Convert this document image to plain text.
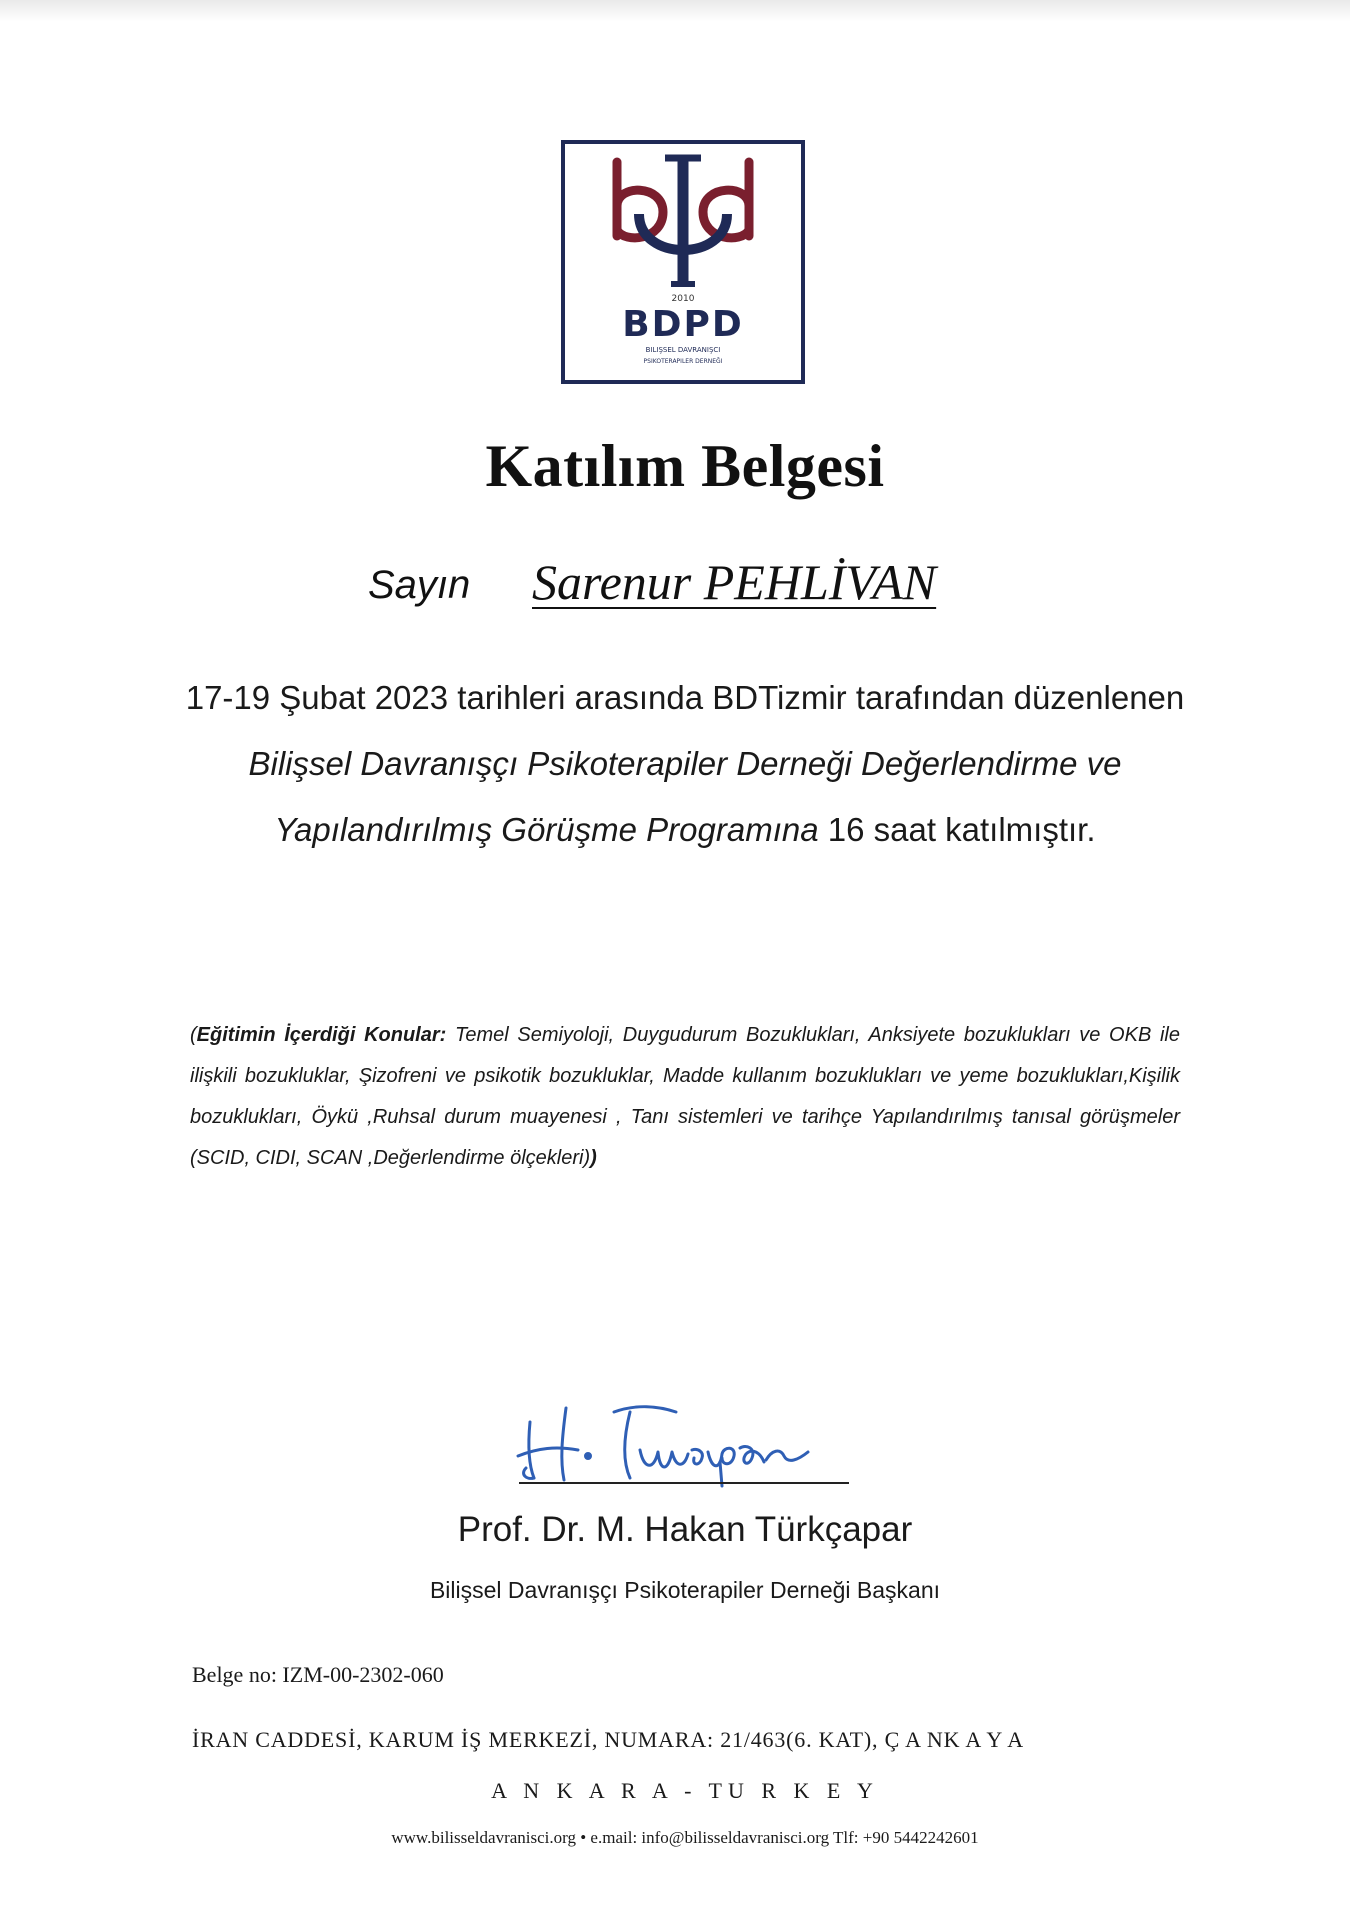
2010
BDPD
BILIŞSEL DAVRANIŞCI
PSIKOTERAPILER DERNEĞI
Katılım Belgesi
Sayın Sarenur PEHLİVAN
17-19 Şubat 2023 tarihleri arasında BDTizmir tarafından düzenlenen Bilişsel Davranışçı Psikoterapiler Derneği Değerlendirme ve Yapılandırılmış Görüşme Programına 16 saat katılmıştır.
(Eğitimin İçerdiği Konular: Temel Semiyoloji, Duygudurum Bozuklukları, Anksiyete bozuklukları ve OKB ile ilişkili bozukluklar, Şizofreni ve psikotik bozukluklar, Madde kullanım bozuklukları ve yeme bozuklukları,Kişilik bozuklukları, Öykü ,Ruhsal durum muayenesi , Tanı sistemleri ve tarihçe Yapılandırılmış tanısal görüşmeler (SCID, CIDI, SCAN ,Değerlendirme ölçekleri))
Prof. Dr. M. Hakan Türkçapar
Bilişsel Davranışçı Psikoterapiler Derneği Başkanı
Belge no: IZM-00-2302-060
İRAN CADDESİ, KARUM İŞ MERKEZİ, NUMARA: 21/463(6. KAT), Ç A NK A Y A
A N K A R A - TU R K E Y
www.bilisseldavranisci.org • e.mail: info@bilisseldavranisci.org Tlf: +90 5442242601
